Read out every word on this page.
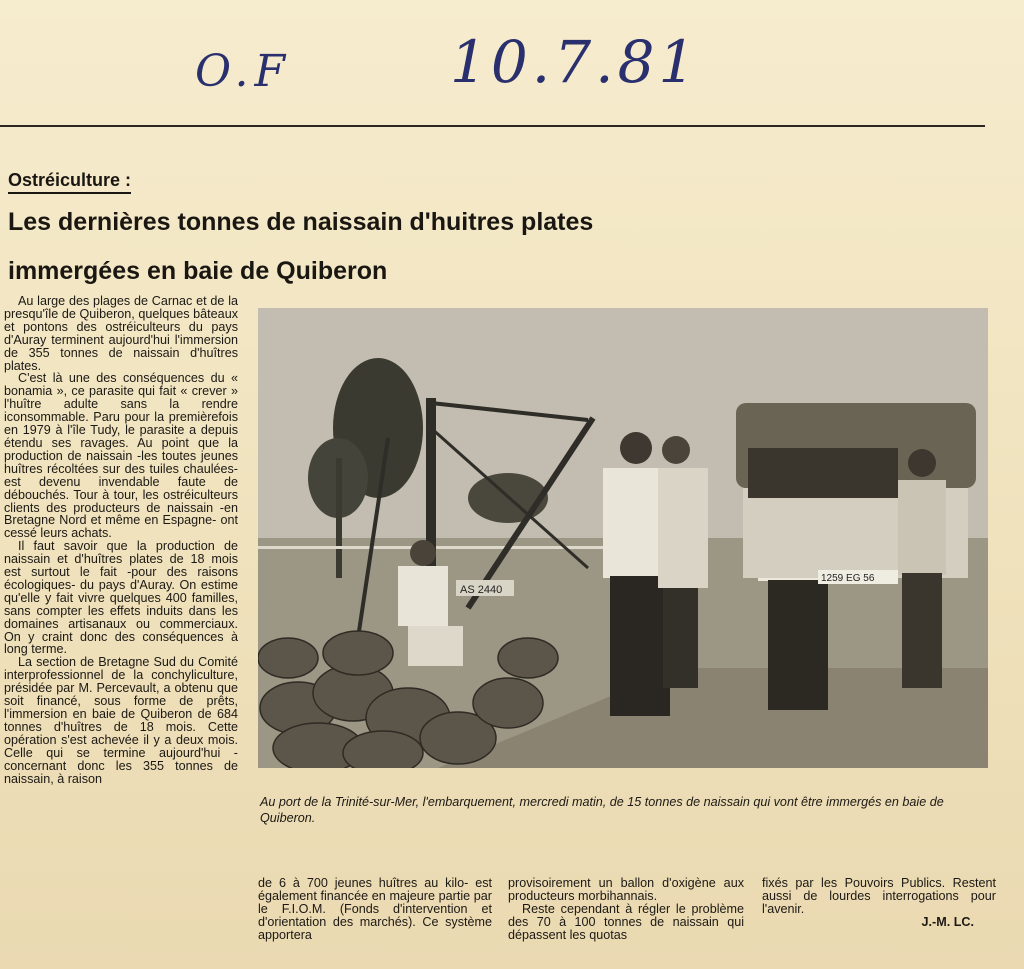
O.F	10.7.81
Ostréiculture :
Les dernières tonnes de naissain d'huitres plates
immergées en baie de Quiberon

Au large des plages de Carnac et de la presqu'île de Quiberon, quelques bâteaux et pontons des ostréiculteurs du pays d'Auray terminent aujourd'hui l'immersion de 355 tonnes de naissain d'huîtres plates.

C'est là une des conséquences du « bonamia », ce parasite qui fait « crever » l'huître adulte sans la rendre iconsommable. Paru pour la premièrefois en 1979 à l'île Tudy, le parasite a depuis étendu ses ravages. Au point que la production de naissain -les toutes jeunes huîtres récoltées sur des tuiles chaulées- est devenu invendable faute de débouchés. Tour à tour, les ostréiculteurs clients des producteurs de naissain -en Bretagne Nord et même en Espagne- ont cessé leurs achats.

Il faut savoir que la production de naissain et d'huîtres plates de 18 mois est surtout le fait -pour des raisons écologiques- du pays d'Auray. On estime qu'elle y fait vivre quelques 400 familles, sans compter les effets induits dans les domaines artisanaux ou commerciaux. On y craint donc des conséquences à long terme.

La section de Bretagne Sud du Comité interprofessionnel de la conchyliculture, présidée par M. Percevault, a obtenu que soit financé, sous forme de prêts, l'immersion en baie de Quiberon de 684 tonnes d'huîtres de 18 mois. Cette opération s'est achevée il y a deux mois. Celle qui se termine aujourd'hui -concernant donc les 355 tonnes de naissain, à raison

AS 2440
1259 EG 56
Au port de la Trinité-sur-Mer, l'embarquement, mercredi matin, de 15 tonnes de naissain qui vont être immergés en baie de Quiberon.

de 6 à 700 jeunes huîtres au kilo- est également financée en majeure partie par le F.I.O.M. (Fonds d'intervention et d'orientation des marchés). Ce système apportera

provisoirement un ballon d'oxigène aux producteurs morbihannais.

Reste cependant à régler le problème des 70 à 100 tonnes de naissain qui dépassent les quotas

fixés par les Pouvoirs Publics. Restent aussi de lourdes interrogations pour l'avenir.

J.-M. LC.
